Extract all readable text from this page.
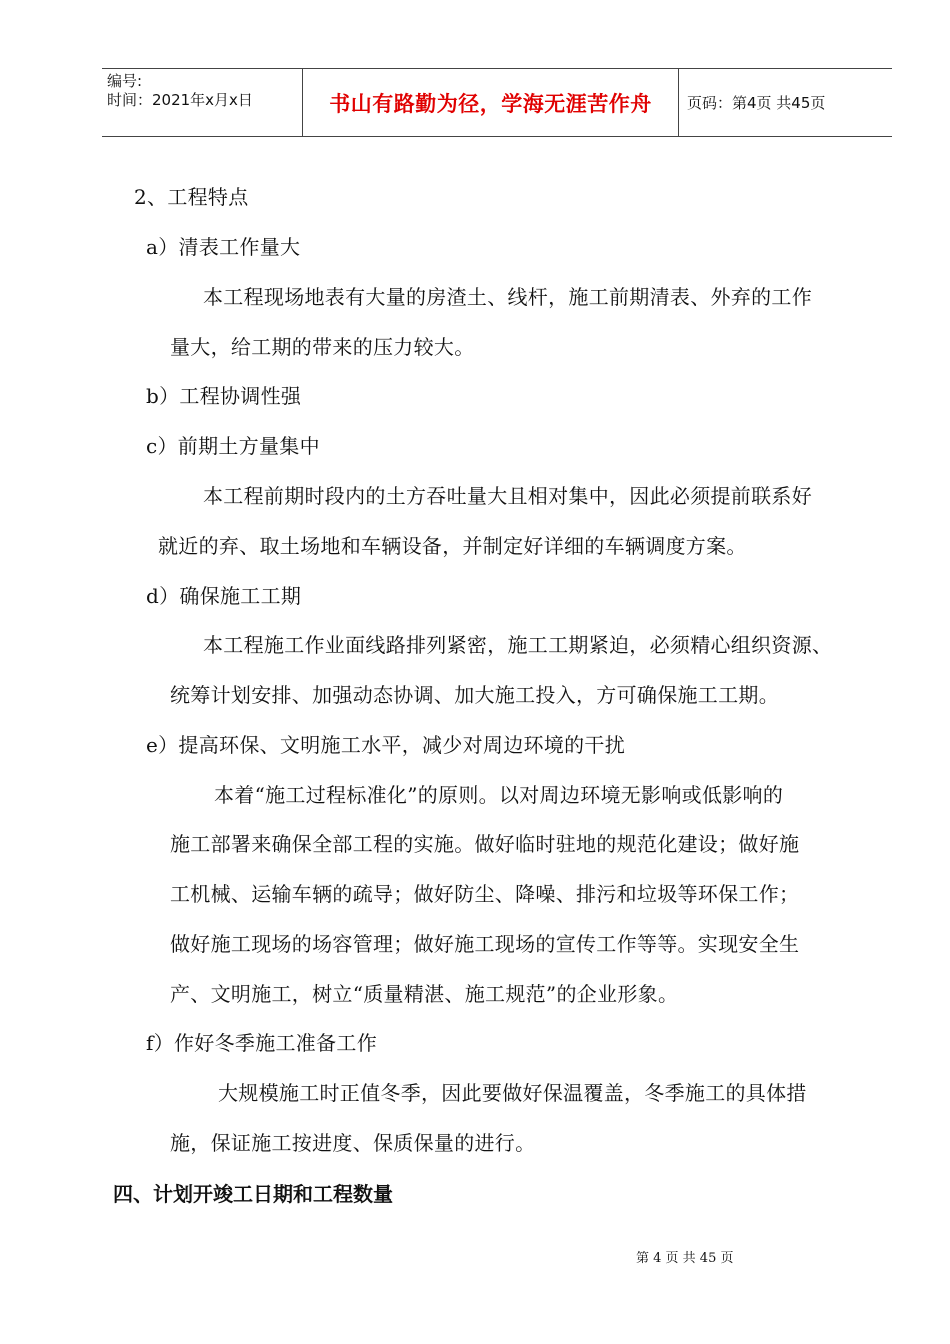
编号:
时间：2021年x月x日	书山有路勤为径，学海无涯苦作舟 页码：第4页 共45页
2、工程特点
a）清表工作量大
本工程现场地表有大量的房渣土、线杆，施工前期清表、外弃的工作
量大，给工期的带来的压力较大。
b）工程协调性强
c）前期土方量集中
本工程前期时段内的土方吞吐量大且相对集中，因此必须提前联系好
就近的弃、取土场地和车辆设备，并制定好详细的车辆调度方案。
d）确保施工工期
本工程施工作业面线路排列紧密，施工工期紧迫，必须精心组织资源、
统筹计划安排、加强动态协调、加大施工投入，方可确保施工工期。
e）提高环保、文明施工水平，减少对周边环境的干扰
本着“施工过程标准化”的原则。以对周边环境无影响或低影响的
施工部署来确保全部工程的实施。做好临时驻地的规范化建设；做好施
工机械、运输车辆的疏导；做好防尘、降噪、排污和垃圾等环保工作；
做好施工现场的场容管理；做好施工现场的宣传工作等等。实现安全生
产、文明施工，树立“质量精湛、施工规范”的企业形象。
f）作好冬季施工准备工作
大规模施工时正值冬季，因此要做好保温覆盖，冬季施工的具体措
施，保证施工按进度、保质保量的进行。
四、计划开竣工日期和工程数量
第 4 页 共 45 页
